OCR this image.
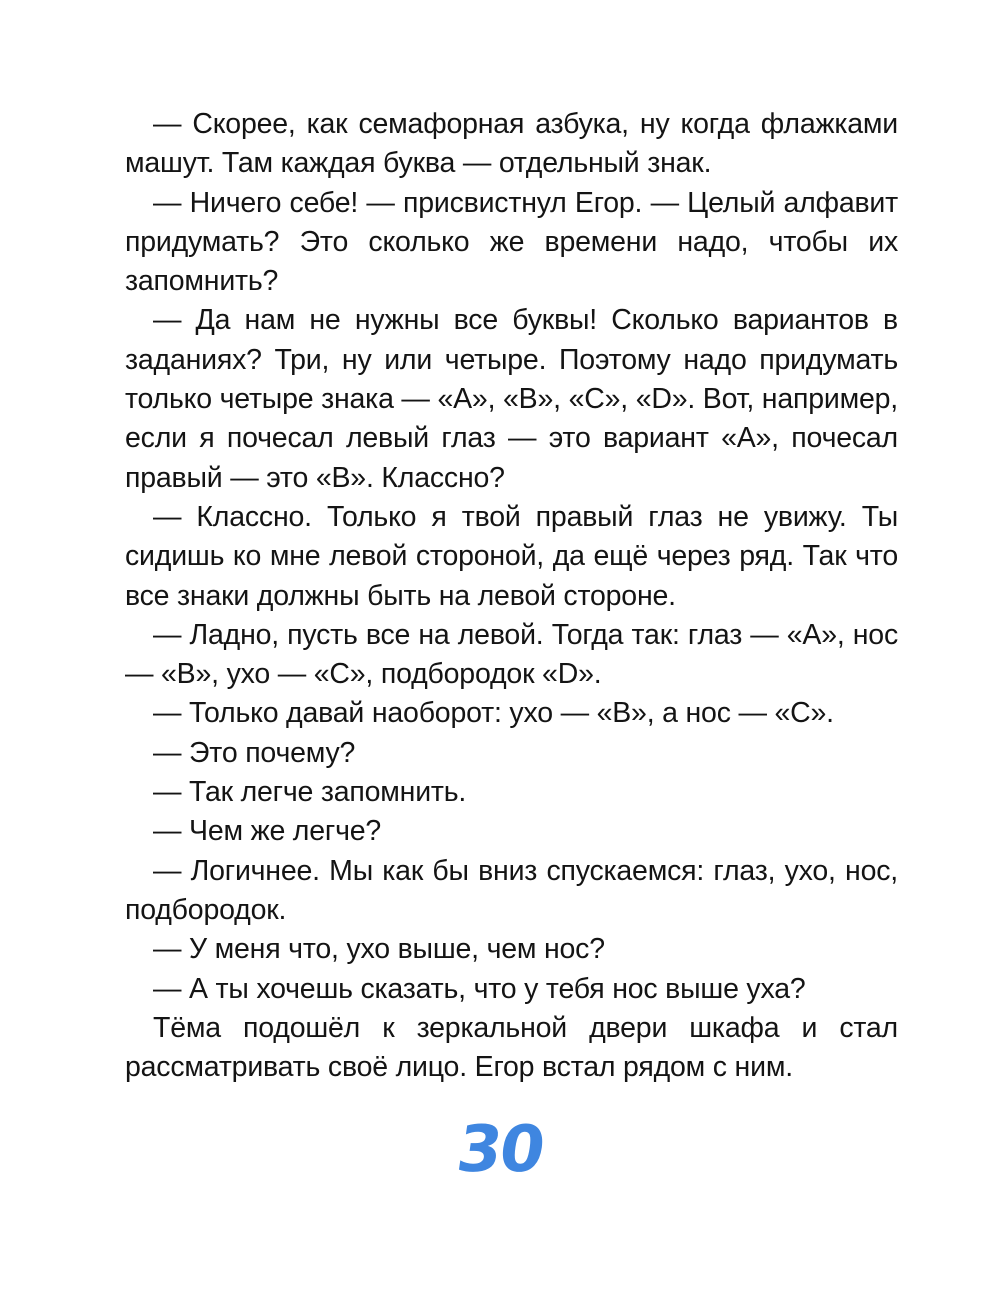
— Скорее, как семафорная азбука, ну когда флажками машут. Там каждая буква — отдельный знак.

— Ничего себе! — присвистнул Егор. — Целый алфавит придумать? Это сколько же времени надо, чтобы их запомнить?

— Да нам не нужны все буквы! Сколько вариантов в заданиях? Три, ну или четыре. Поэтому надо придумать только четыре знака — «А», «В», «С», «D». Вот, например, если я почесал левый глаз — это вариант «А», почесал правый — это «В». Классно?

— Классно. Только я твой правый глаз не увижу. Ты сидишь ко мне левой стороной, да ещё через ряд. Так что все знаки должны быть на левой стороне.

— Ладно, пусть все на левой. Тогда так: глаз — «А», нос — «В», ухо — «С», подбородок «D».

— Только давай наоборот: ухо — «В», а нос — «С».

— Это почему?

— Так легче запомнить.

— Чем же легче?

— Логичнее. Мы как бы вниз спускаемся: глаз, ухо, нос, подбородок.

— У меня что, ухо выше, чем нос?

— А ты хочешь сказать, что у тебя нос выше уха?

Тёма подошёл к зеркальной двери шкафа и стал рассматривать своё лицо. Егор встал рядом с ним.

30
